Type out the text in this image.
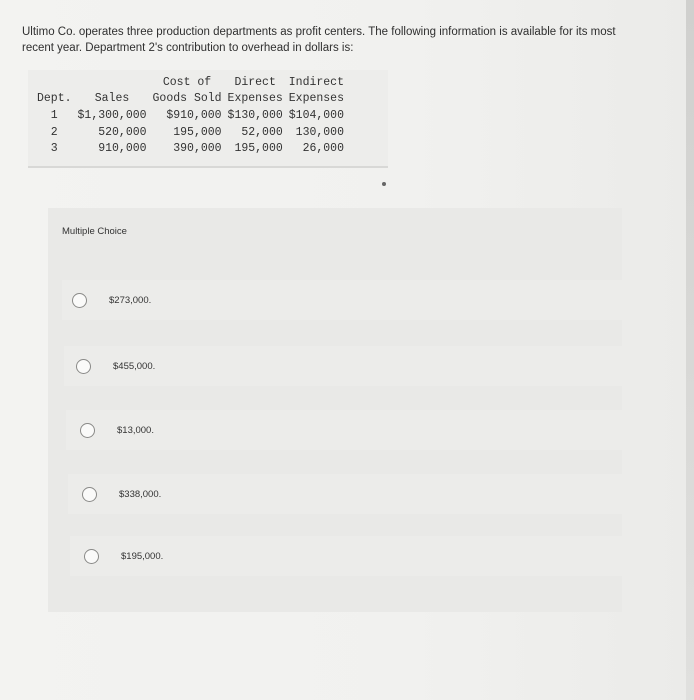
Ultimo Co. operates three production departments as profit centers. The following information is available for its most
recent year. Department 2's contribution to overhead in dollars is:
		Cost of	Direct	Indirect
Dept.	Sales	Goods Sold	Expenses	Expenses
1	$1,300,000	$910,000	$130,000	$104,000
2	520,000	195,000	52,000	130,000
3	910,000	390,000	195,000	26,000
Multiple Choice
$273,000.
$455,000.
$13,000.
$338,000.
$195,000.
